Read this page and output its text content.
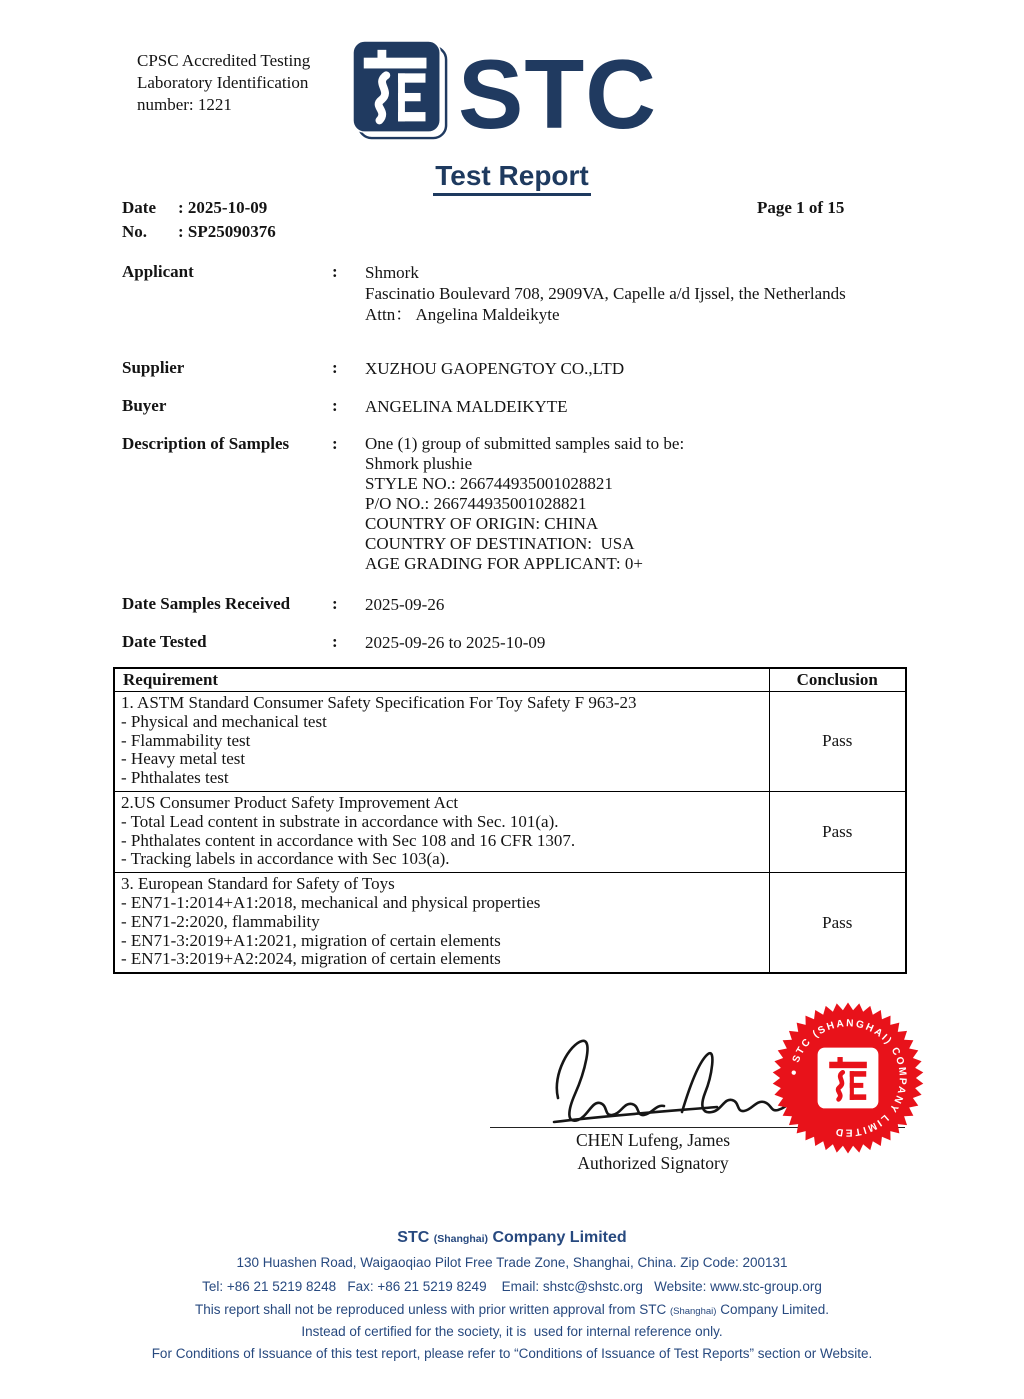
CPSC Accredited Testing
Laboratory Identification
number: 1221	STC
Test Report
Date : 2025-10-09
No. : SP25090376
Page 1 of 15
Applicant	: Shmork
Fascinatio Boulevard 708, 2909VA, Capelle a/d Ijssel, the Netherlands
Attn： Angelina Maldeikyte
Supplier	: XUZHOU GAOPENGTOY CO.,LTD
Buyer	: ANGELINA MALDEIKYTE
Description of Samples	: One (1) group of submitted samples said to be:
Shmork plushie
STYLE NO.: 266744935001028821
P/O NO.: 266744935001028821
COUNTRY OF ORIGIN: CHINA
COUNTRY OF DESTINATION:  USA
AGE GRADING FOR APPLICANT: 0+
Date Samples Received : 2025-09-26
Date Tested	: 2025-09-26 to 2025-10-09
Requirement	Conclusion

1. ASTM Standard Consumer Safety Specification For Toy Safety F 963-23
- Physical and mechanical test
- Flammability test
- Heavy metal test
- Phthalates test	Pass

2.US Consumer Product Safety Improvement Act
- Total Lead content in substrate in accordance with Sec. 101(a).
- Phthalates content in accordance with Sec 108 and 16 CFR 1307.
- Tracking labels in accordance with Sec 103(a).	Pass

3. European Standard for Safety of Toys
- EN71-1:2014+A1:2018, mechanical and physical properties
- EN71-2:2020, flammability
- EN71-3:2019+A1:2021, migration of certain elements
- EN71-3:2019+A2:2024, migration of certain elements	Pass
CHEN Lufeng, James
Authorized Signatory
● STC (SHANGHAI) COMPANY LIMITED
STC (Shanghai) Company Limited
130 Huashen Road, Waigaoqiao Pilot Free Trade Zone, Shanghai, China. Zip Code: 200131
Tel: +86 21 5219 8248   Fax: +86 21 5219 8249    Email: shstc@shstc.org   Website: www.stc-group.org
This report shall not be reproduced unless with prior written approval from STC (Shanghai) Company Limited.
Instead of certified for the society, it is  used for internal reference only.
For Conditions of Issuance of this test report, please refer to “Conditions of Issuance of Test Reports” section or Website.
